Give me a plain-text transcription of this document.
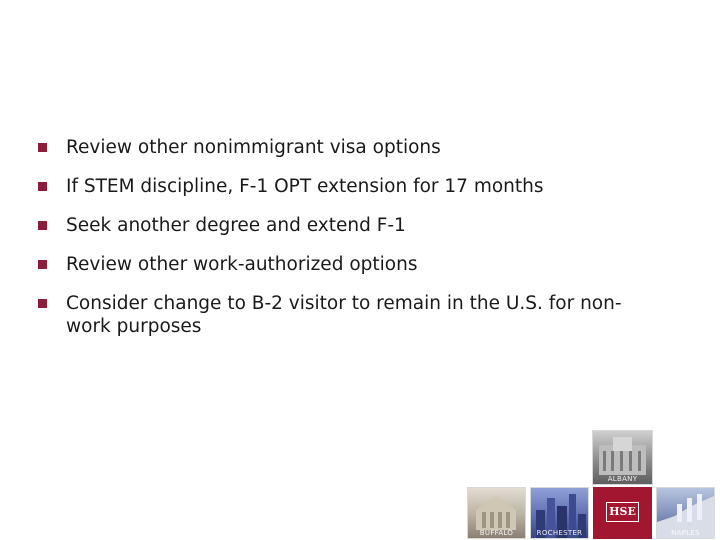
Review other nonimmigrant visa options
If STEM discipline, F-1 OPT extension for 17 months
Seek another degree and extend F-1
Review other work-authorized options
Consider change to B-2 visitor to remain in the U.S. for non-work purposes
ALBANY
BUFFALO	ROCHESTER
HSE
NAPLES
